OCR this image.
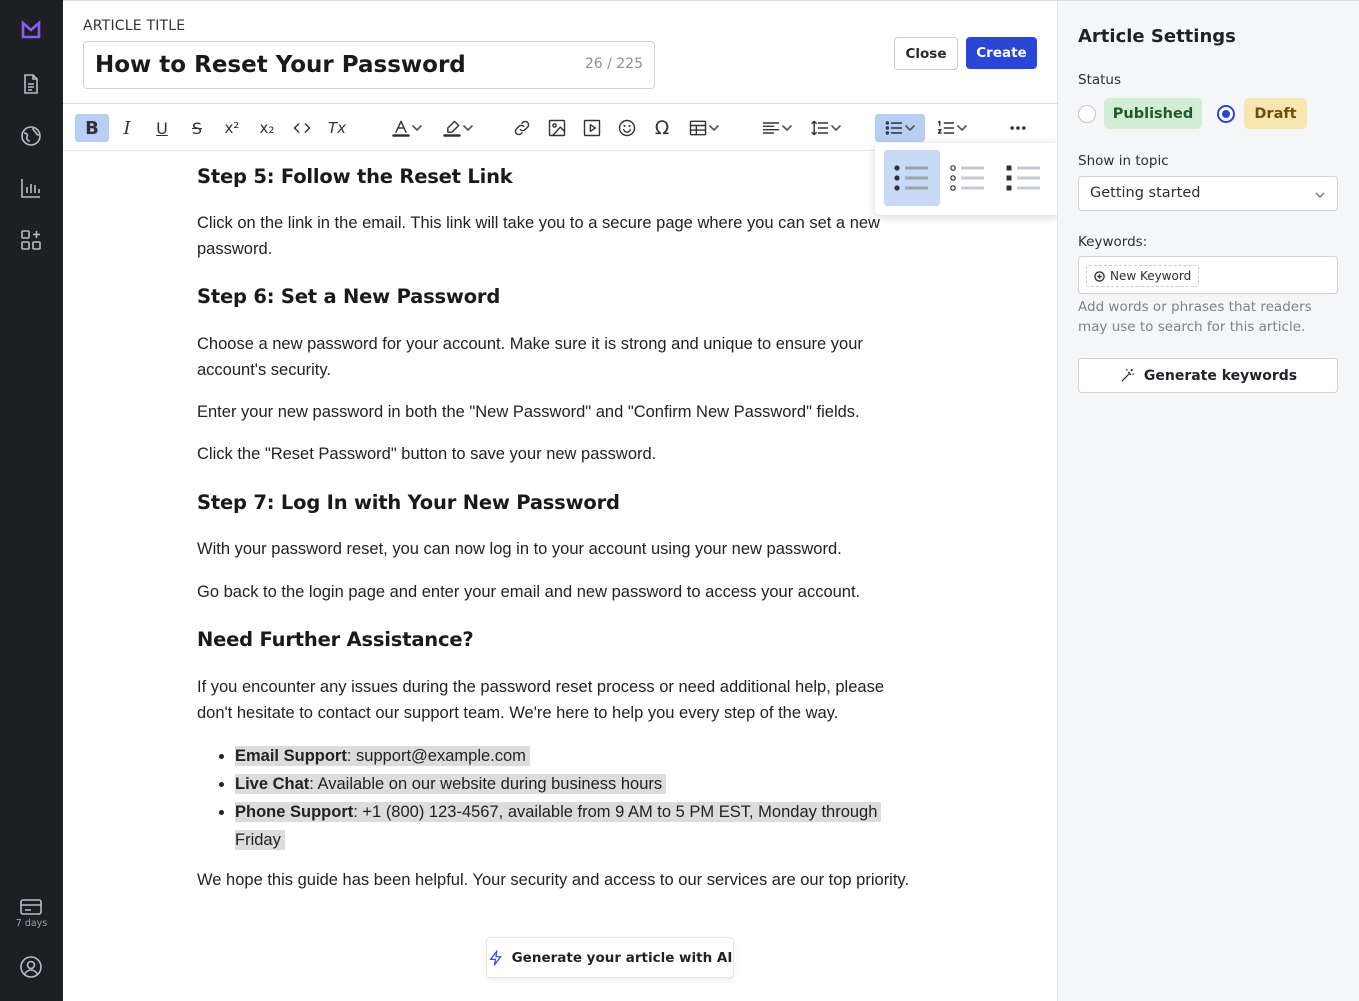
7 days
ARTICLE TITLE
How to Reset Your Password	26 / 225
Close	Create
B I U S x² x₂	Tx	Ω
Step 5: Follow the Reset Link

Click on the link in the email. This link will take you to a secure page where you can set a new password.

Step 6: Set a New Password

Choose a new password for your account. Make sure it is strong and unique to ensure your account's security.

Enter your new password in both the "New Password" and "Confirm New Password" fields.

Click the "Reset Password" button to save your new password.

Step 7: Log In with Your New Password

With your password reset, you can now log in to your account using your new password.

Go back to the login page and enter your email and new password to access your account.

Need Further Assistance?

If you encounter any issues during the password reset process or need additional help, please don't hesitate to contact our support team. We're here to help you every step of the way.

• Email Support: support@example.com
• Live Chat: Available on our website during business hours
• Phone Support: +1 (800) 123-4567, available from 9 AM to 5 PM EST, Monday through Friday

We hope this guide has been helpful. Your security and access to our services are our top priority.

Generate your article with AI
Article Settings
Status
Published	Draft
Show in topic
Getting started
Keywords:
New Keyword
Add words or phrases that readers may use to search for this article.
Generate keywords
